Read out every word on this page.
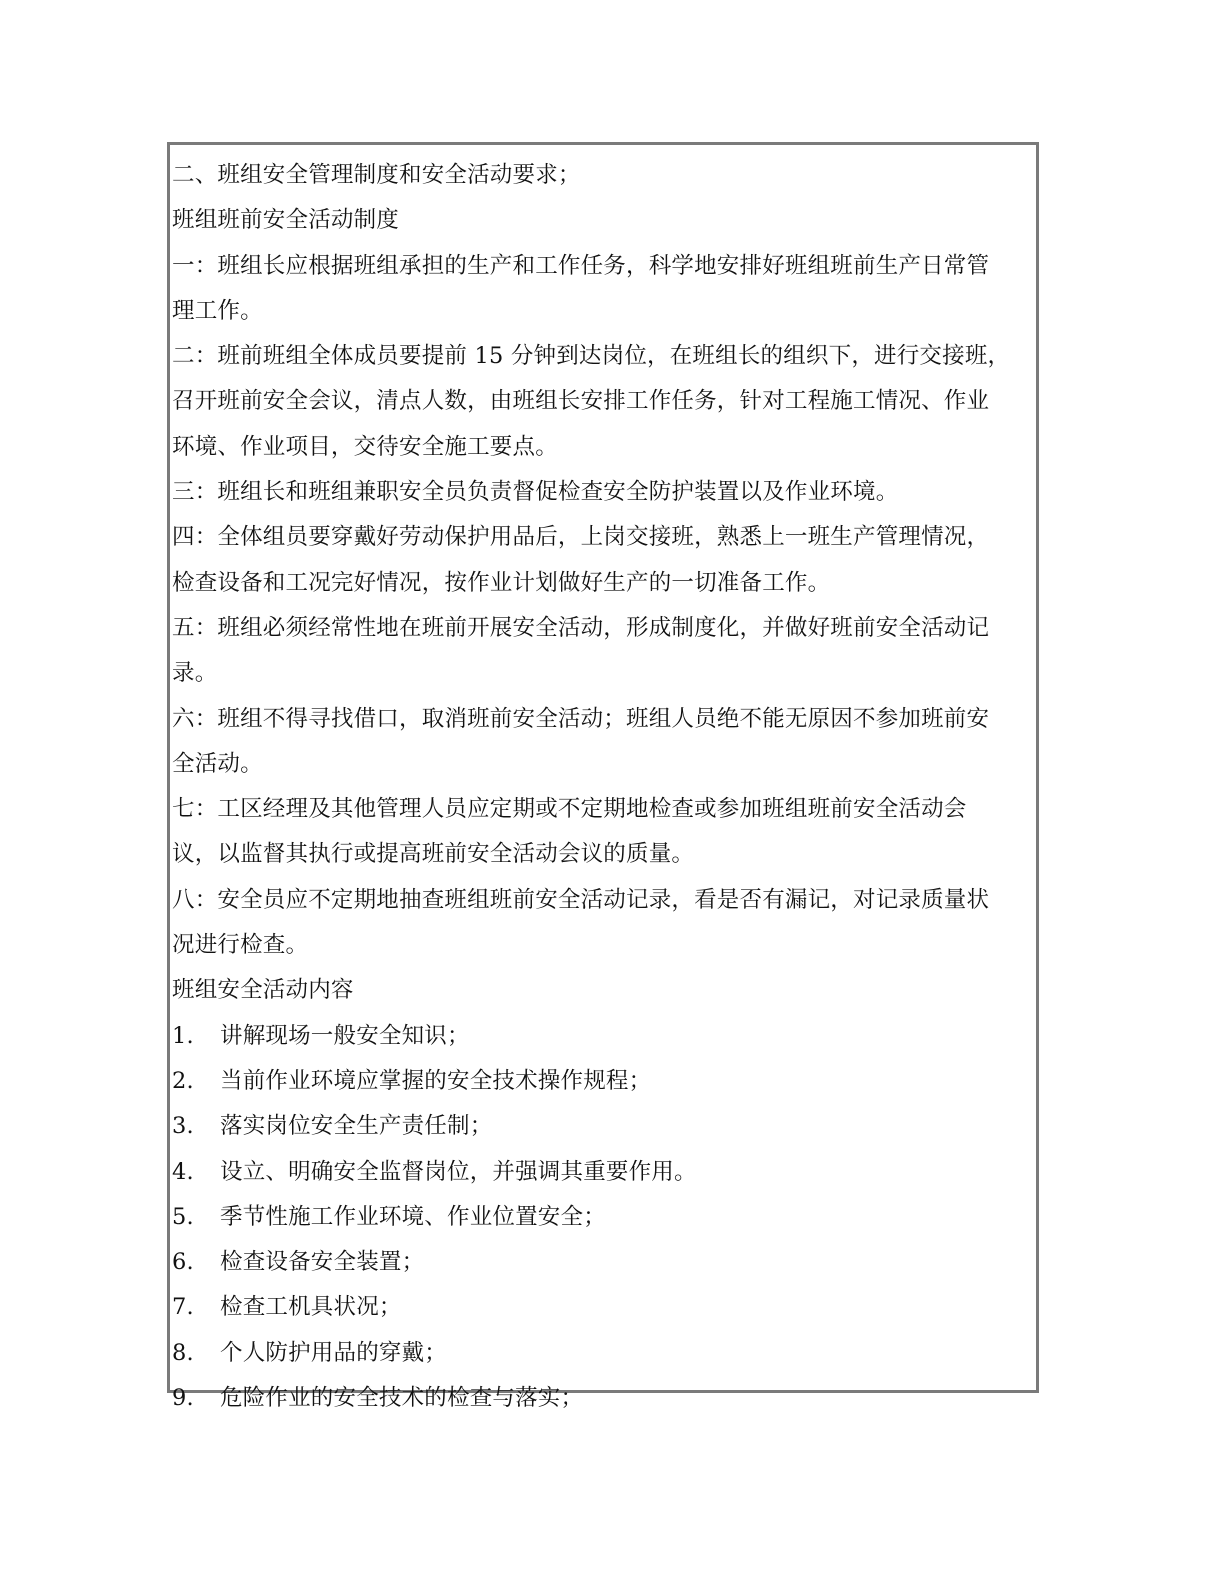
二、班组安全管理制度和安全活动要求；
班组班前安全活动制度
一：班组长应根据班组承担的生产和工作任务，科学地安排好班组班前生产日常管
理工作。
二：班前班组全体成员要提前 15 分钟到达岗位，在班组长的组织下，进行交接班，
召开班前安全会议，清点人数，由班组长安排工作任务，针对工程施工情况、作业
环境、作业项目，交待安全施工要点。
三：班组长和班组兼职安全员负责督促检查安全防护装置以及作业环境。
四：全体组员要穿戴好劳动保护用品后，上岗交接班，熟悉上一班生产管理情况，
检查设备和工况完好情况，按作业计划做好生产的一切准备工作。
五：班组必须经常性地在班前开展安全活动，形成制度化，并做好班前安全活动记
录。
六：班组不得寻找借口，取消班前安全活动；班组人员绝不能无原因不参加班前安
全活动。
七：工区经理及其他管理人员应定期或不定期地检查或参加班组班前安全活动会
议，以监督其执行或提高班前安全活动会议的质量。
八：安全员应不定期地抽查班组班前安全活动记录，看是否有漏记，对记录质量状
况进行检查。
班组安全活动内容
1. 讲解现场一般安全知识；
2. 当前作业环境应掌握的安全技术操作规程；
3. 落实岗位安全生产责任制；
4. 设立、明确安全监督岗位，并强调其重要作用。
5. 季节性施工作业环境、作业位置安全；
6. 检查设备安全装置；
7. 检查工机具状况；
8. 个人防护用品的穿戴；
9. 危险作业的安全技术的检查与落实；
